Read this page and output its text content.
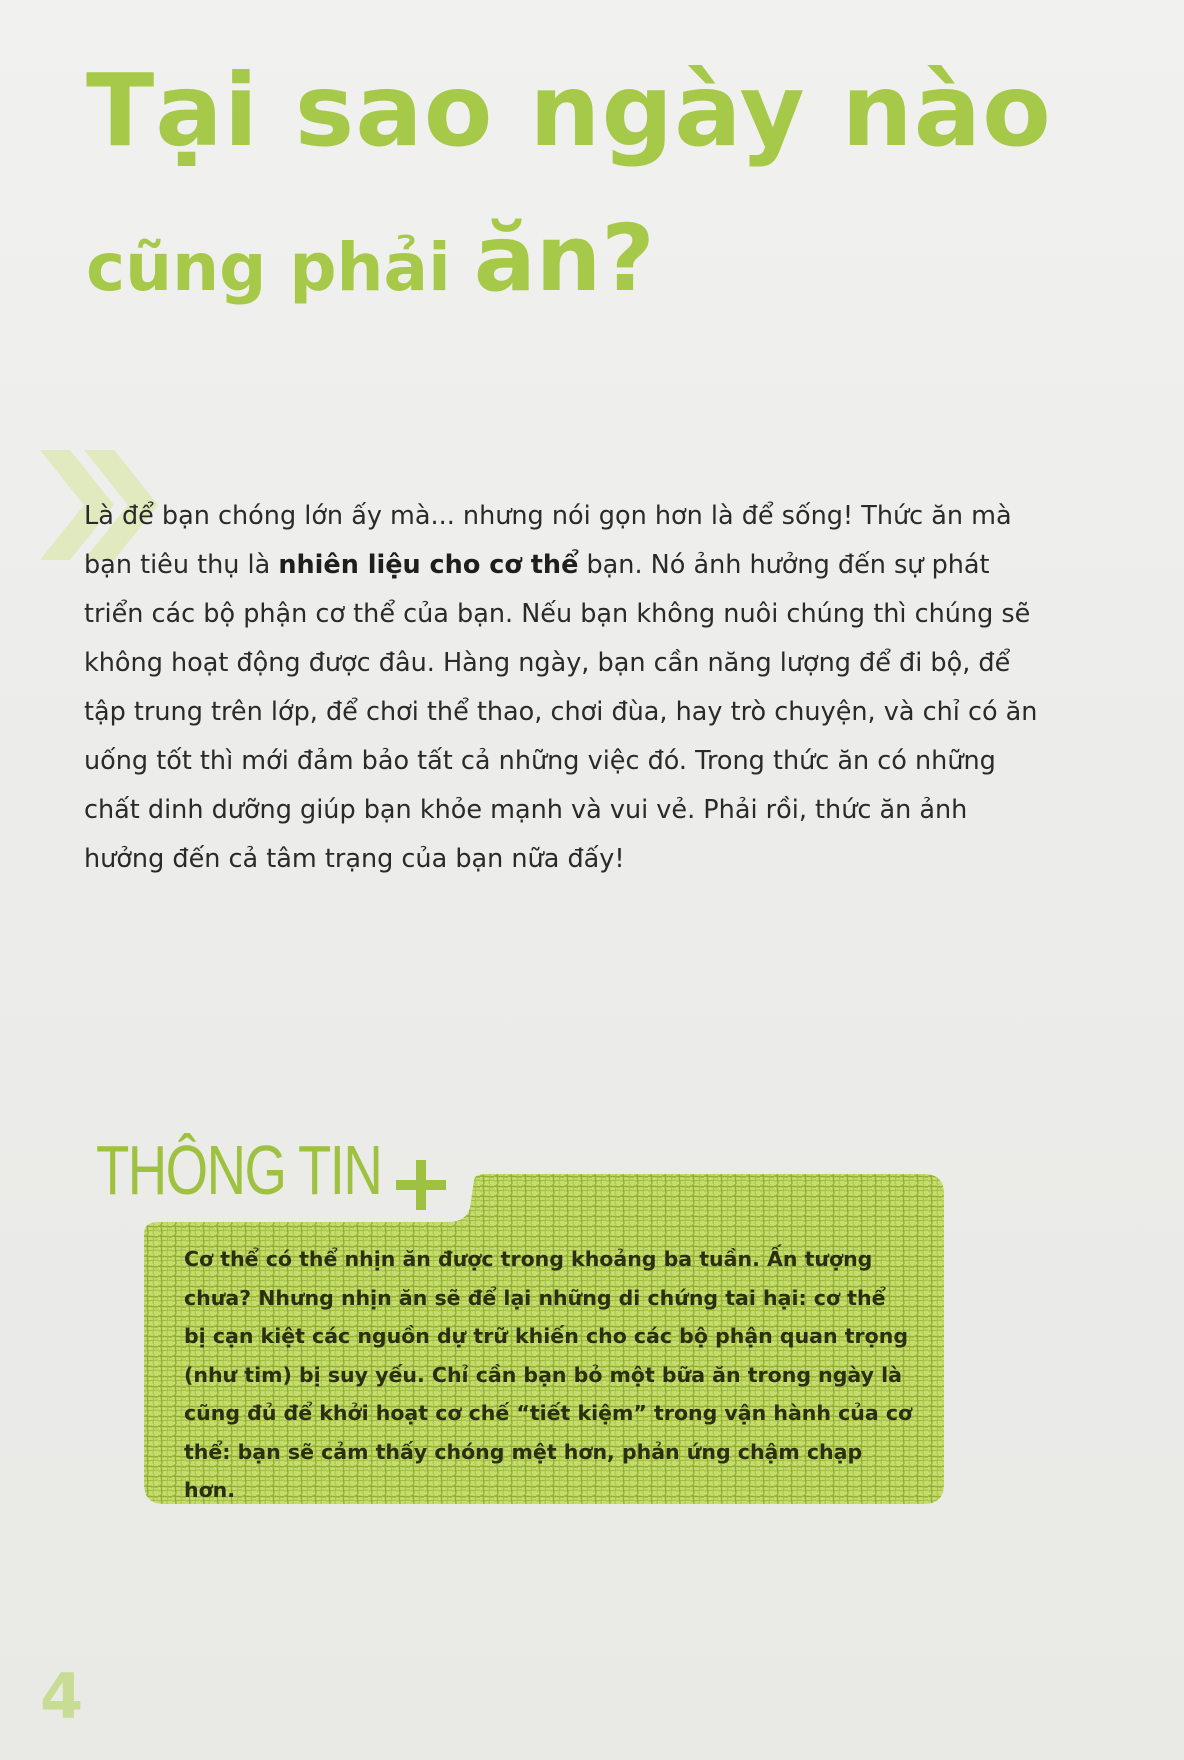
Tại sao ngày nào
cũng phải ăn?

Là để bạn chóng lớn ấy mà... nhưng nói gọn hơn là để sống! Thức ăn mà bạn tiêu thụ là nhiên liệu cho cơ thể bạn. Nó ảnh hưởng đến sự phát triển các bộ phận cơ thể của bạn. Nếu bạn không nuôi chúng thì chúng sẽ không hoạt động được đâu. Hàng ngày, bạn cần năng lượng để đi bộ, để tập trung trên lớp, để chơi thể thao, chơi đùa, hay trò chuyện, và chỉ có ăn uống tốt thì mới đảm bảo tất cả những việc đó. Trong thức ăn có những chất dinh dưỡng giúp bạn khỏe mạnh và vui vẻ. Phải rồi, thức ăn ảnh hưởng đến cả tâm trạng của bạn nữa đấy!

THÔNG TIN

Cơ thể có thể nhịn ăn được trong khoảng ba tuần. Ấn tượng chưa? Nhưng nhịn ăn sẽ để lại những di chứng tai hại: cơ thể bị cạn kiệt các nguồn dự trữ khiến cho các bộ phận quan trọng (như tim) bị suy yếu. Chỉ cần bạn bỏ một bữa ăn trong ngày là cũng đủ để khởi hoạt cơ chế “tiết kiệm” trong vận hành của cơ thể: bạn sẽ cảm thấy chóng mệt hơn, phản ứng chậm chạp hơn.

4
